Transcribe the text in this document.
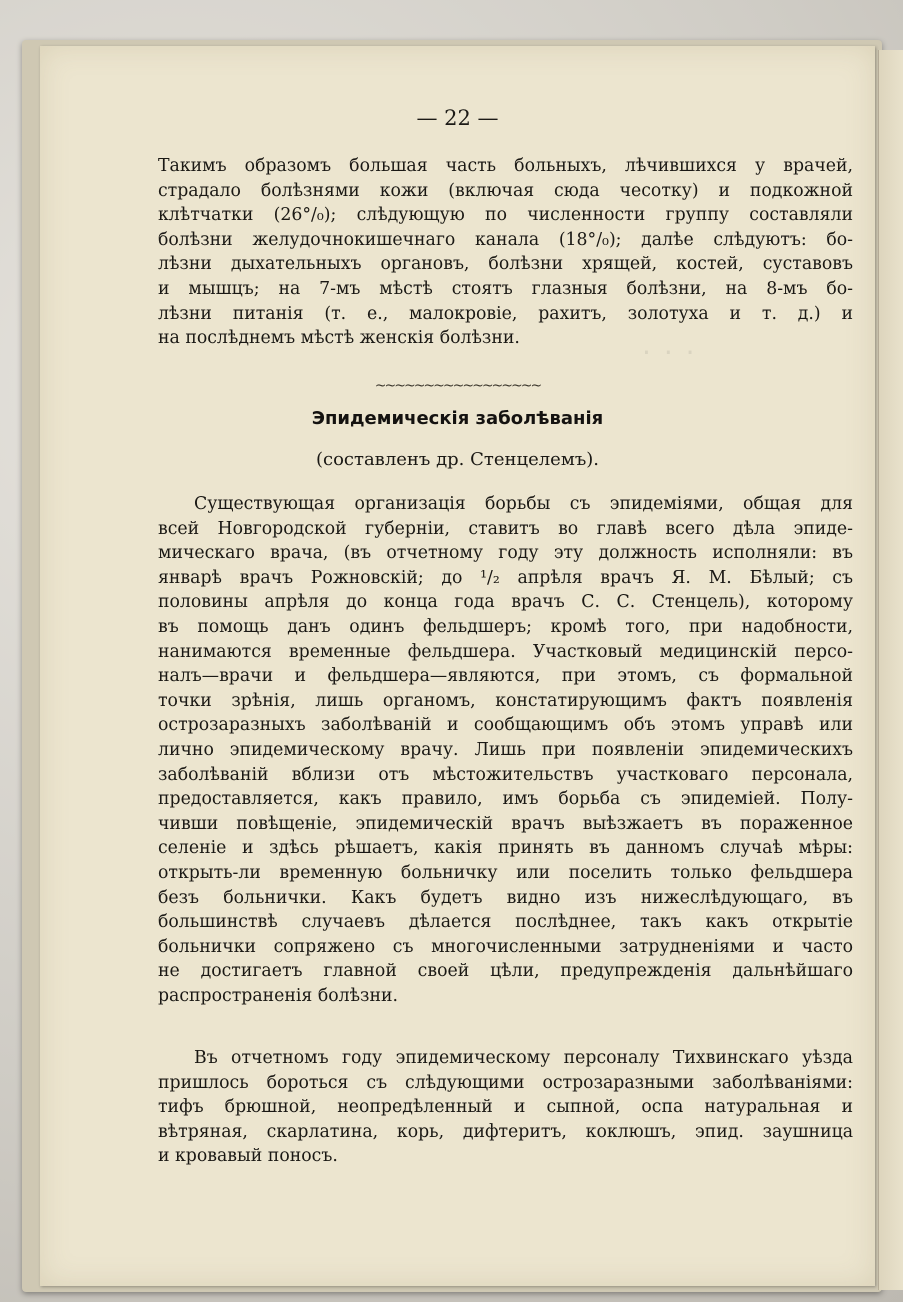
· · ·
— 22 —

Такимъ образомъ большая часть больныхъ, лѣчившихся у врачей,

страдало болѣзнями кожи (включая сюда чесотку) и подкожной

клѣтчатки (26°/₀); слѣдующую по численности группу составляли

болѣзни желудочнокишечнаго канала (18°/₀); далѣе слѣдуютъ: бо-

лѣзни дыхательныхъ органовъ, болѣзни хрящей, костей, суставовъ

и мышцъ; на 7-мъ мѣстѣ стоятъ глазныя болѣзни, на 8-мъ бо-

лѣзни питанія (т. е., малокровіе, рахитъ, золотуха и т. д.) и

на послѣднемъ мѣстѣ женскія болѣзни.

~~~~~~~~~~~~~~~~~
Эпидемическія заболѣванія
(составленъ др. Стенцелемъ).

Существующая организація борьбы съ эпидеміями, общая для

всей Новгородской губерніи, ставитъ во главѣ всего дѣла эпиде-

мическаго врача, (въ отчетному году эту должность исполняли: въ

январѣ врачъ Рожновскій; до ¹/₂ апрѣля врачъ Я. М. Бѣлый; съ

половины апрѣля до конца года врачъ С. С. Стенцель), которому

въ помощь данъ одинъ фельдшеръ; кромѣ того, при надобности,

нанимаются временные фельдшера. Участковый медицинскій персо-

налъ—врачи и фельдшера—являются, при этомъ, съ формальной

точки зрѣнія, лишь органомъ, констатирующимъ фактъ появленія

острозаразныхъ заболѣваній и сообщающимъ объ этомъ управѣ или

лично эпидемическому врачу. Лишь при появленіи эпидемическихъ

заболѣваній вблизи отъ мѣстожительствъ участковаго персонала,

предоставляется, какъ правило, имъ борьба съ эпидеміей. Полу-

чивши повѣщеніе, эпидемическій врачъ выѣзжаетъ въ пораженное

селеніе и здѣсь рѣшаетъ, какія принять въ данномъ случаѣ мѣры:

открыть-ли временную больничку или поселить только фельдшера

безъ больнички. Какъ будетъ видно изъ нижеслѣдующаго, въ

большинствѣ случаевъ дѣлается послѣднее, такъ какъ открытіе

больнички сопряжено съ многочисленными затрудненіями и часто

не достигаетъ главной своей цѣли, предупрежденія дальнѣйшаго

распространенія болѣзни.

Въ отчетномъ году эпидемическому персоналу Тихвинскаго уѣзда

пришлось бороться съ слѣдующими острозаразными заболѣваніями:

тифъ брюшной, неопредѣленный и сыпной, оспа натуральная и

вѣтряная, скарлатина, корь, дифтеритъ, коклюшъ, эпид. заушница

и кровавый поносъ.
